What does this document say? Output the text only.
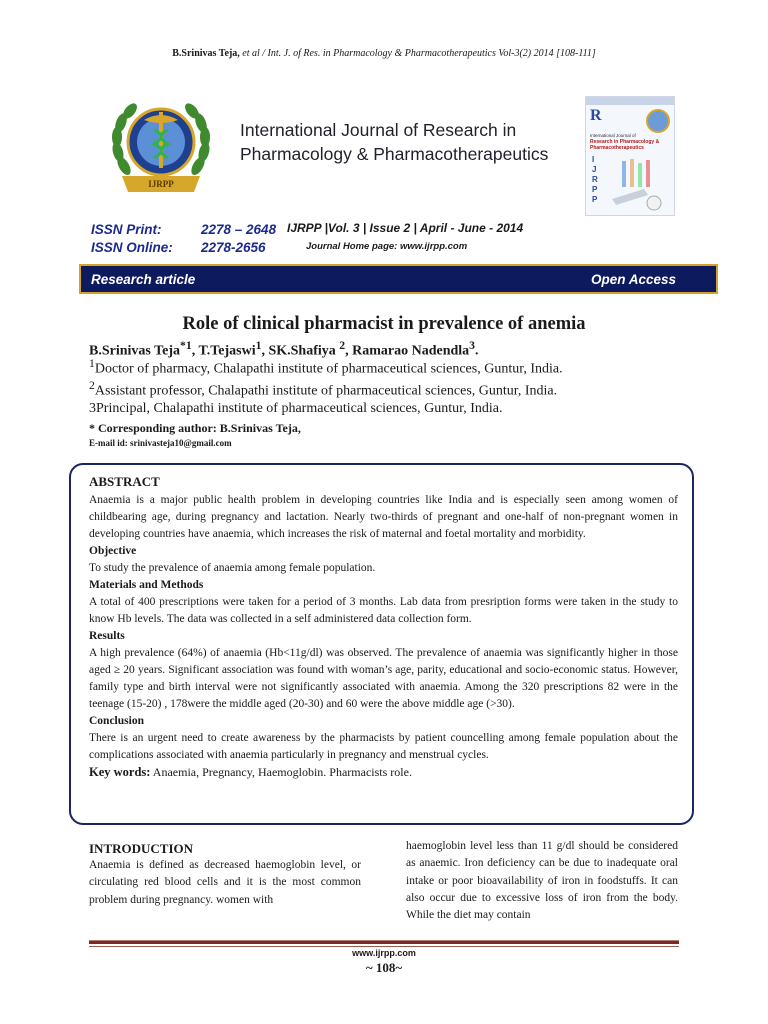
B.Srinivas Teja, et al / Int. J. of Res. in Pharmacology & Pharmacotherapeutics Vol-3(2) 2014 [108-111]
IJRPP
International Journal of Research in
Pharmacology & Pharmacotherapeutics
R
International Journal of
Research in Pharmacology & Pharmacotherapeutics
I
J
R
P
P
ISSN Print:	2278 – 2648
ISSN Online: 2278-2656
IJRPP |Vol. 3 | Issue 2 | April - June - 2014
Journal Home page: www.ijrpp.com
Research article	Open Access
Role of clinical pharmacist in prevalence of anemia
B.Srinivas Teja$^{*1}$, T.Tejaswi$^1$, SK.Shafiya $^2$, Ramarao Nadendla$^3$.
$^1$Doctor of pharmacy, Chalapathi institute of pharmaceutical sciences, Guntur, India.
$^2$Assistant professor, Chalapathi institute of pharmaceutical sciences, Guntur, India.
3Principal, Chalapathi institute of pharmaceutical sciences, Guntur, India.
* Corresponding author: B.Srinivas Teja,
E-mail id: srinivasteja10@gmail.com
ABSTRACT

Anaemia is a major public health problem in developing countries like India and is especially seen among women of childbearing age, during pregnancy and lactation. Nearly two-thirds of pregnant and one-half of non-pregnant women in developing countries have anaemia, which increases the risk of maternal and foetal mortality and morbidity.

Objective

To study the prevalence of anaemia among female population.

Materials and Methods

A total of 400 prescriptions were taken for a period of 3 months. Lab data from presription forms were taken in the study to know Hb levels. The data was collected in a self administered data collection form.

Results

A high prevalence (64%) of anaemia (Hb<11g/dl) was observed. The prevalence of anaemia was significantly higher in those aged ≥ 20 years. Significant association was found with woman’s age, parity, educational and socio-economic status. However, family type and birth interval were not significantly associated with anaemia. Among the 320 prescriptions 82 were in the teenage (15-20) , 178were the middle aged (20-30) and 60 were the above middle age (>30).

Conclusion

There is an urgent need to create awareness by the pharmacists by patient councelling among female population about the complications associated with anaemia particularly in pregnancy and menstrual cycles.

Key words: Anaemia, Pregnancy, Haemoglobin. Pharmacists role.
INTRODUCTION

Anaemia is defined as decreased haemoglobin level, or circulating red blood cells and it is the most common problem during pregnancy. women with

haemoglobin level less than 11 g/dl should be considered as anaemic. Iron deficiency can be due to inadequate oral intake or poor bioavailability of iron in foodstuffs. It can also occur due to excessive loss of iron from the body. While the diet may contain

www.ijrpp.com
~ 108~
